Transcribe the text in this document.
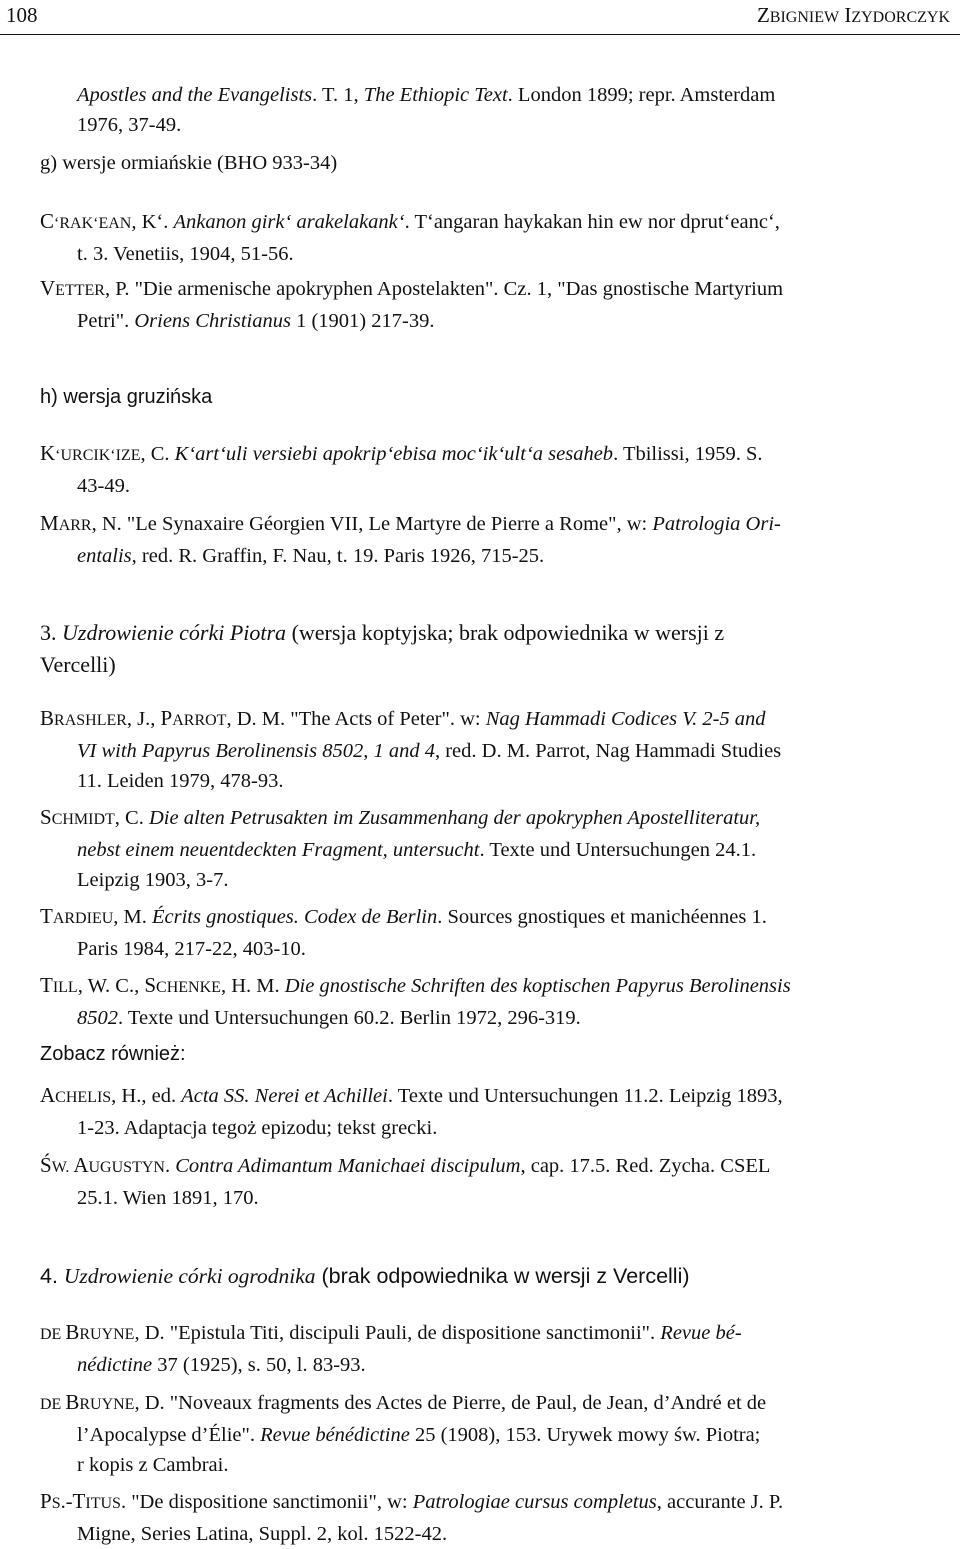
108	ZBIGNIEW IZYDORCZYK
Apostles and the Evangelists. T. 1, The Ethiopic Text. London 1899; repr. Amsterdam
1976, 37-49.
g) wersje ormiańskie (BHO 933-34)
C‘RAK‘EAN, K‘. Ankanon girk‘ arakelakank‘. T‘angaran haykakan hin ew nor dprut‘eanc‘,
t. 3. Venetiis, 1904, 51-56.
VETTER, P. "Die armenische apokryphen Apostelakten". Cz. 1, "Das gnostische Martyrium
Petri". Oriens Christianus 1 (1901) 217-39.
h) wersja gruzińska
K‘URCIK‘IZE, C. K‘art‘uli versiebi apokrip‘ebisa moc‘ik‘ult‘a sesaheb. Tbilissi, 1959. S.
43-49.
MARR, N. "Le Synaxaire Géorgien VII, Le Martyre de Pierre a Rome", w: Patrologia Ori-
entalis, red. R. Graffin, F. Nau, t. 19. Paris 1926, 715-25.
3. Uzdrowienie córki Piotra (wersja koptyjska; brak odpowiednika w wersji z
Vercelli)
BRASHLER, J., PARROT, D. M. "The Acts of Peter". w: Nag Hammadi Codices V. 2-5 and
VI with Papyrus Berolinensis 8502, 1 and 4, red. D. M. Parrot, Nag Hammadi Studies
11. Leiden 1979, 478-93.
SCHMIDT, C. Die alten Petrusakten im Zusammenhang der apokryphen Apostelliteratur,
nebst einem neuentdeckten Fragment, untersucht. Texte und Untersuchungen 24.1.
Leipzig 1903, 3-7.
TARDIEU, M. Écrits gnostiques. Codex de Berlin. Sources gnostiques et manichéennes 1.
Paris 1984, 217-22, 403-10.
TILL, W. C., SCHENKE, H. M. Die gnostische Schriften des koptischen Papyrus Berolinensis
8502. Texte und Untersuchungen 60.2. Berlin 1972, 296-319.
Zobacz również:
ACHELIS, H., ed. Acta SS. Nerei et Achillei. Texte und Untersuchungen 11.2. Leipzig 1893,
1-23. Adaptacja tegoż epizodu; tekst grecki.
ŚW. AUGUSTYN. Contra Adimantum Manichaei discipulum, cap. 17.5. Red. Zycha. CSEL
25.1. Wien 1891, 170.
4. Uzdrowienie córki ogrodnika (brak odpowiednika w wersji z Vercelli)
DE BRUYNE, D. "Epistula Titi, discipuli Pauli, de dispositione sanctimonii". Revue bé-
nédictine 37 (1925), s. 50, l. 83-93.
DE BRUYNE, D. "Noveaux fragments des Actes de Pierre, de Paul, de Jean, d’André et de
l’Apocalypse d’Élie". Revue bénédictine 25 (1908), 153. Urywek mowy św. Piotra;
r kopis z Cambrai.
PS.-TITUS. "De dispositione sanctimonii", w: Patrologiae cursus completus, accurante J. P.
Migne, Series Latina, Suppl. 2, kol. 1522-42.
